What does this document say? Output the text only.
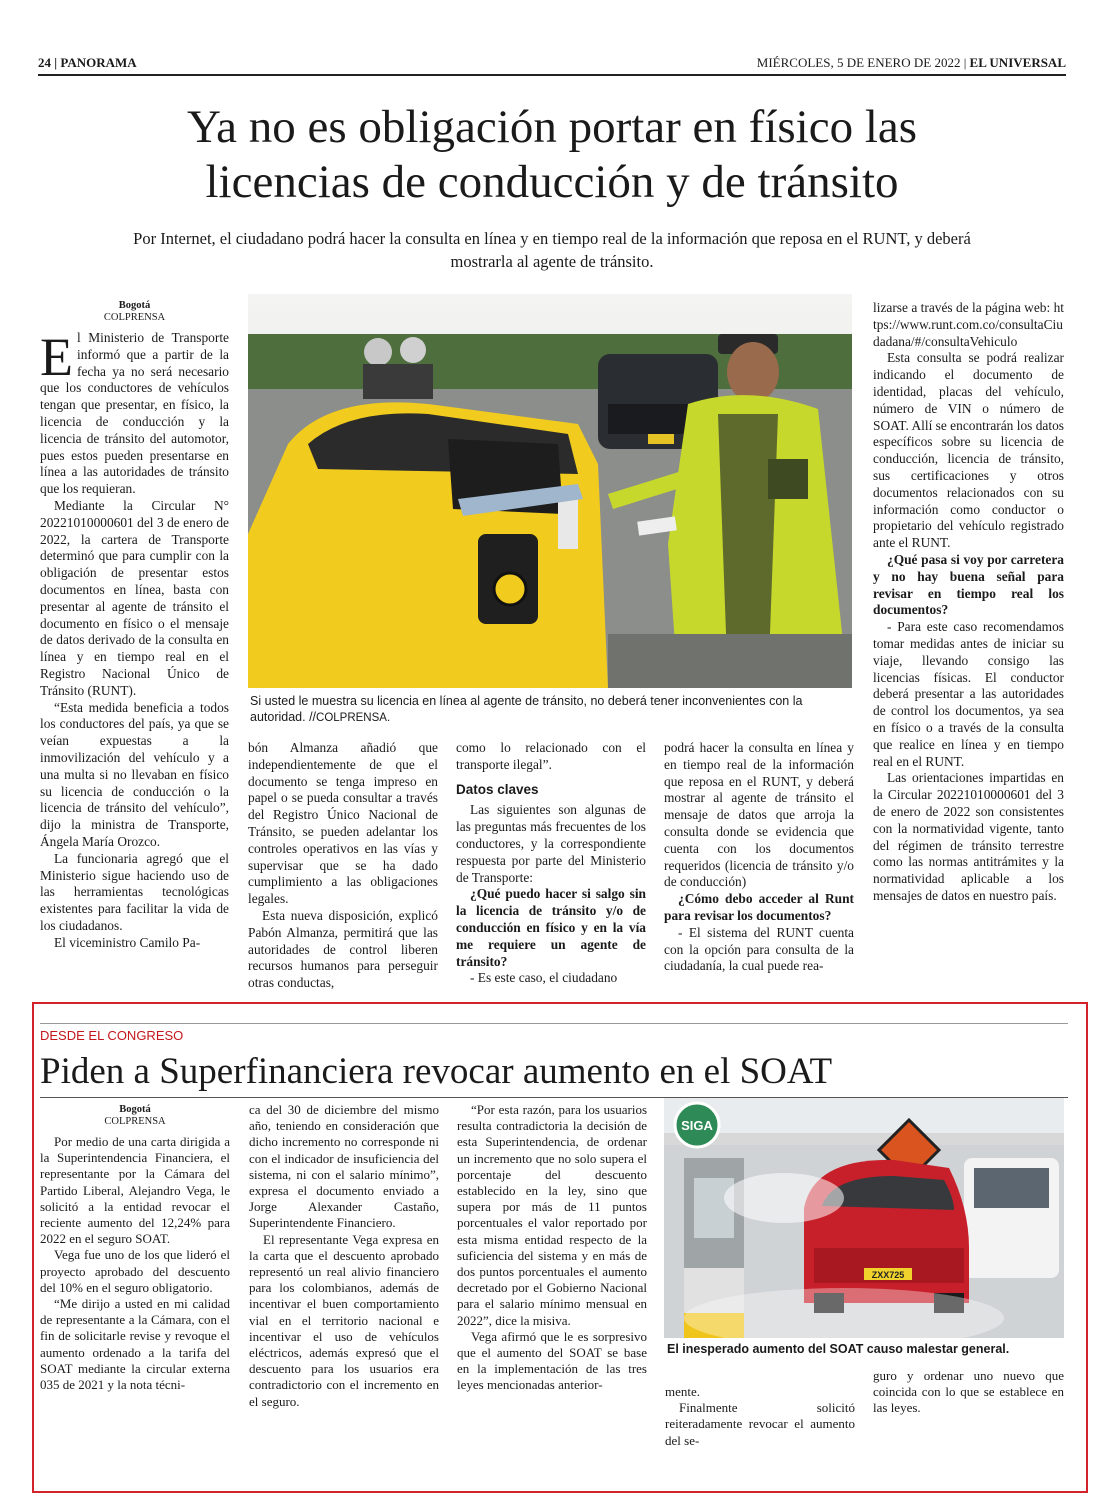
24 | PANORAMA	MIÉRCOLES, 5 DE ENERO DE 2022 | EL UNIVERSAL
Ya no es obligación portar en físico las
licencias de conducción y de tránsito
Por Internet, el ciudadano podrá hacer la consulta en línea y en tiempo real de la información que reposa en el RUNT, y deberá mostrarla al agente de tránsito.
Bogotá
COLPRENSA

El Ministerio de Transporte informó que a partir de la fecha ya no será necesario que los conductores de vehículos tengan que presentar, en físico, la licencia de conducción y la licencia de tránsito del automotor, pues estos pueden presentarse en línea a las autoridades de tránsito que los requieran.

Mediante la Circular N° 20221010000601 del 3 de enero de 2022, la cartera de Transporte determinó que para cumplir con la obligación de presentar estos documentos en línea, basta con presentar al agente de tránsito el documento en físico o el mensaje de datos derivado de la consulta en línea y en tiempo real en el Registro Nacional Único de Tránsito (RUNT).

“Esta medida beneficia a todos los conductores del país, ya que se veían expuestas a la inmovilización del vehículo y a una multa si no llevaban en físico su licencia de conducción o la licencia de tránsito del vehículo”, dijo la ministra de Transporte, Ángela María Orozco.

La funcionaria agregó que el Ministerio sigue haciendo uso de las herramientas tecnológicas existentes para facilitar la vida de los ciudadanos.

El viceministro Camilo Pa-

Si usted le muestra su licencia en línea al agente de tránsito, no deberá tener inconvenientes con la autoridad. //COLPRENSA.

bón Almanza añadió que independientemente de que el documento se tenga impreso en papel o se pueda consultar a través del Registro Único Nacional de Tránsito, se pueden adelantar los controles operativos en las vías y supervisar que se ha dado cumplimiento a las obligaciones legales.

Esta nueva disposición, explicó Pabón Almanza, permitirá que las autoridades de control liberen recursos humanos para perseguir otras conductas,

como lo relacionado con el transporte ilegal”.

Datos claves

Las siguientes son algunas de las preguntas más frecuentes de los conductores, y la correspondiente respuesta por parte del Ministerio de Transporte:

¿Qué puedo hacer si salgo sin la licencia de tránsito y/o de conducción en físico y en la vía me requiere un agente de tránsito?

- Es este caso, el ciudadano

podrá hacer la consulta en línea y en tiempo real de la información que reposa en el RUNT, y deberá mostrar al agente de tránsito el mensaje de datos que arroja la consulta donde se evidencia que cuenta con los documentos requeridos (licencia de tránsito y/o de conducción)

¿Cómo debo acceder al Runt para revisar los documentos?

- El sistema del RUNT cuenta con la opción para consulta de la ciudadanía, la cual puede rea-

lizarse a través de la página web: https://www.runt.com.co/consultaCiudadana/#/consultaVehiculo

Esta consulta se podrá realizar indicando el documento de identidad, placas del vehículo, número de VIN o número de SOAT. Allí se encontrarán los datos específicos sobre su licencia de conducción, licencia de tránsito, sus certificaciones y otros documentos relacionados con su información como conductor o propietario del vehículo registrado ante el RUNT.

¿Qué pasa si voy por carretera y no hay buena señal para revisar en tiempo real los documentos?

- Para este caso recomendamos tomar medidas antes de iniciar su viaje, llevando consigo las licencias físicas. El conductor deberá presentar a las autoridades de control los documentos, ya sea en físico o a través de la consulta que realice en línea y en tiempo real en el RUNT.

Las orientaciones impartidas en la Circular 20221010000601 del 3 de enero de 2022 son consistentes con la normatividad vigente, tanto del régimen de tránsito terrestre como las normas antitrámites y la normatividad aplicable a los mensajes de datos en nuestro país.

DESDE EL CONGRESO
Piden a Superfinanciera revocar aumento en el SOAT
Bogotá
COLPRENSA

Por medio de una carta dirigida a la Superintendencia Financiera, el representante por la Cámara del Partido Liberal, Alejandro Vega, le solicitó a la entidad revocar el reciente aumento del 12,24% para 2022 en el seguro SOAT.

Vega fue uno de los que lideró el proyecto aprobado del descuento del 10% en el seguro obligatorio.

“Me dirijo a usted en mi calidad de representante a la Cámara, con el fin de solicitarle revise y revoque el aumento ordenado a la tarifa del SOAT mediante la circular externa 035 de 2021 y la nota técni-

ca del 30 de diciembre del mismo año, teniendo en consideración que dicho incremento no corresponde ni con el indicador de insuficiencia del sistema, ni con el salario mínimo”, expresa el documento enviado a Jorge Alexander Castaño, Superintendente Financiero.

El representante Vega expresa en la carta que el descuento aprobado representó un real alivio financiero para los colombianos, además de incentivar el buen comportamiento vial en el territorio nacional e incentivar el uso de vehículos eléctricos, además expresó que el descuento para los usuarios era contradictorio con el incremento en el seguro.

“Por esta razón, para los usuarios resulta contradictoria la decisión de esta Superintendencia, de ordenar un incremento que no solo supera el porcentaje del descuento establecido en la ley, sino que supera por más de 11 puntos porcentuales el valor reportado por esta misma entidad respecto de la suficiencia del sistema y en más de dos puntos porcentuales el aumento decretado por el Gobierno Nacional para el salario mínimo mensual en 2022”, dice la misiva.

Vega afirmó que le es sorpresivo que el aumento del SOAT se base en la implementación de las tres leyes mencionadas anterior-

SIGA
ZXX725
El inesperado aumento del SOAT causo malestar general.

mente.

Finalmente solicitó reiteradamente revocar el aumento del se-

guro y ordenar uno nuevo que coincida con lo que se establece en las leyes.
